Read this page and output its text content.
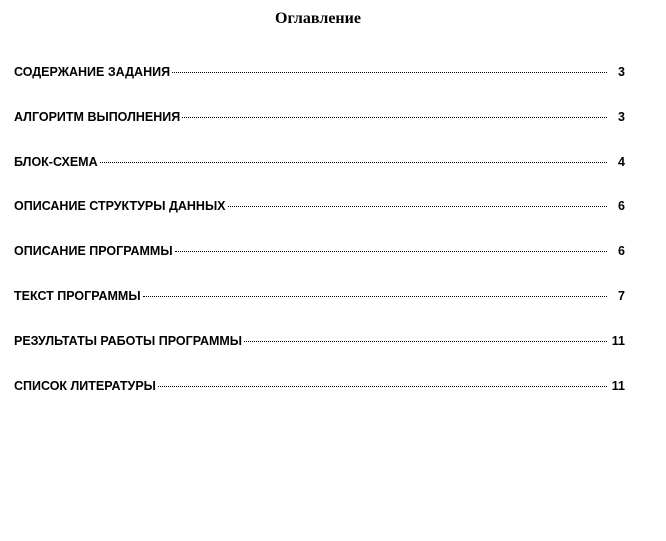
Оглавление
СОДЕРЖАНИЕ ЗАДАНИЯ	3
АЛГОРИТМ ВЫПОЛНЕНИЯ	3
БЛОК-СХЕМА	4
ОПИСАНИЕ СТРУКТУРЫ ДАННЫХ	6
ОПИСАНИЕ ПРОГРАММЫ	6
ТЕКСТ ПРОГРАММЫ	7
РЕЗУЛЬТАТЫ РАБОТЫ ПРОГРАММЫ	11
СПИСОК ЛИТЕРАТУРЫ	11
